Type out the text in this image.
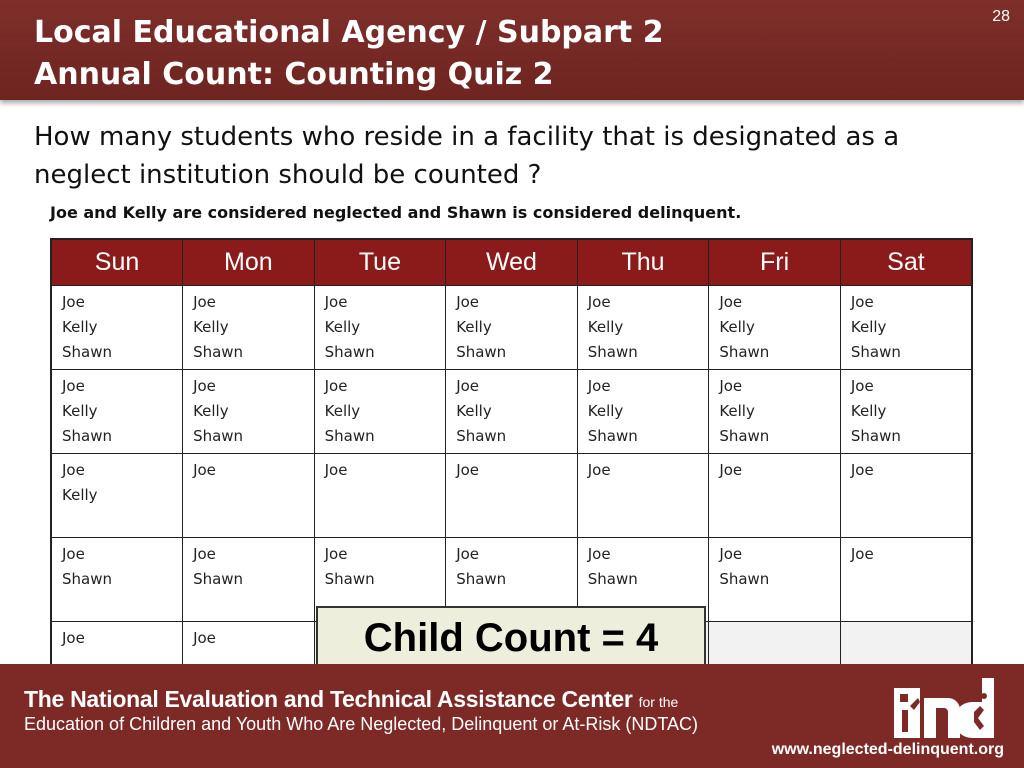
Local Educational Agency / Subpart 2
Annual Count: Counting Quiz 2
28

How many students who reside in a facility that is designated as a neglect institution should be counted ?

Joe and Kelly are considered neglected and Shawn is considered delinquent.
Sun	Mon	Tue	Wed	Thu	Fri	Sat

Joe
Kelly
Shawn	Joe
Kelly
Shawn	Joe
Kelly
Shawn	Joe
Kelly
Shawn	Joe
Kelly
Shawn	Joe
Kelly
Shawn	Joe
Kelly
Shawn

Joe
Kelly
Shawn	Joe
Kelly
Shawn	Joe
Kelly
Shawn	Joe
Kelly
Shawn	Joe
Kelly
Shawn	Joe
Kelly
Shawn	Joe
Kelly
Shawn

Joe
Kelly	Joe	Joe	Joe	Joe	Joe	Joe

Joe
Shawn	Joe
Shawn	Joe
Shawn	Joe
Shawn	Joe
Shawn	Joe
Shawn	Joe

Joe	Joe					
						Child Count = 4
The National Evaluation and Technical Assistance Center for the
Education of Children and Youth Who Are Neglected, Delinquent or At-Risk (NDTAC)
www.neglected-delinquent.org
